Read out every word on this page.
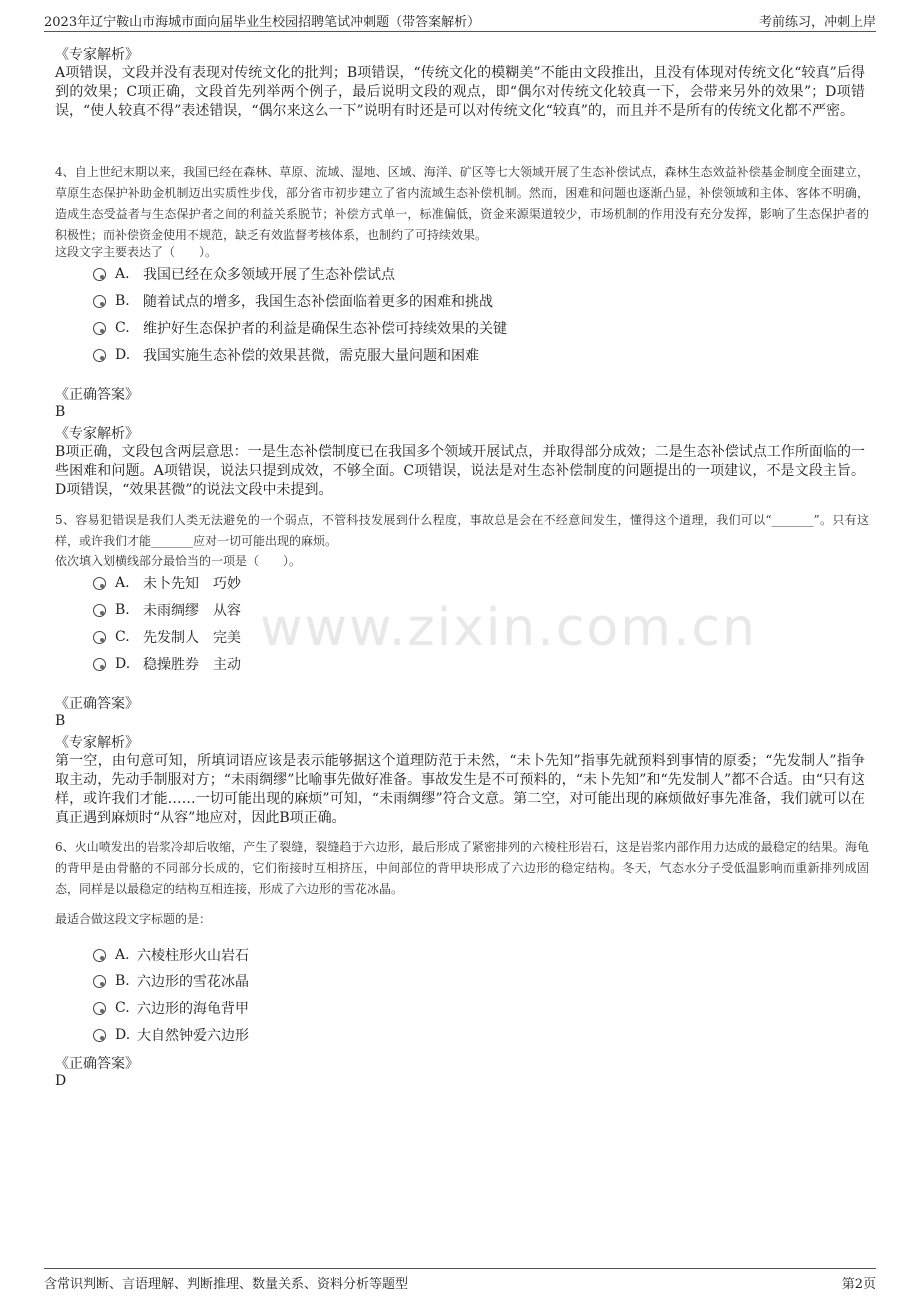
2023年辽宁鞍山市海城市面向届毕业生校园招聘笔试冲刺题（带答案解析）	考前练习，冲刺上岸
www.zixin.com.cn
《专家解析》
A项错误，文段并没有表现对传统文化的批判；B项错误，“传统文化的模糊美”不能由文段推出，且没有体现对传统文化“较真”后得到的效果；C项正确，文段首先列举两个例子，最后说明文段的观点，即“偶尔对传统文化较真一下，会带来另外的效果”；D项错误，“使人较真不得”表述错误，“偶尔来这么一下”说明有时还是可以对传统文化“较真”的，而且并不是所有的传统文化都不严密。
4、自上世纪末期以来，我国已经在森林、草原、流域、湿地、区域、海洋、矿区等七大领域开展了生态补偿试点，森林生态效益补偿基金制度全面建立，草原生态保护补助金机制迈出实质性步伐，部分省市初步建立了省内流域生态补偿机制。然而，困难和问题也逐渐凸显，补偿领域和主体、客体不明确，造成生态受益者与生态保护者之间的利益关系脱节；补偿方式单一，标准偏低，资金来源渠道较少，市场机制的作用没有充分发挥，影响了生态保护者的积极性；而补偿资金使用不规范，缺乏有效监督考核体系，也制约了可持续效果。
这段文字主要表达了（　　）。
A. 我国已经在众多领域开展了生态补偿试点
B. 随着试点的增多，我国生态补偿面临着更多的困难和挑战
C. 维护好生态保护者的利益是确保生态补偿可持续效果的关键
D. 我国实施生态补偿的效果甚微，需克服大量问题和困难
《正确答案》
B
《专家解析》
B项正确，文段包含两层意思：一是生态补偿制度已在我国多个领域开展试点，并取得部分成效；二是生态补偿试点工作所面临的一些困难和问题。A项错误，说法只提到成效，不够全面。C项错误，说法是对生态补偿制度的问题提出的一项建议，不是文段主旨。D项错误，“效果甚微”的说法文段中未提到。
5、容易犯错误是我们人类无法避免的一个弱点，不管科技发展到什么程度，事故总是会在不经意间发生，懂得这个道理，我们可以“_______”。只有这样，或许我们才能_______应对一切可能出现的麻烦。
依次填入划横线部分最恰当的一项是（　　）。
A. 未卜先知　巧妙
B. 未雨绸缪　从容
C. 先发制人　完美
D. 稳操胜券　主动
《正确答案》
B
《专家解析》
第一空，由句意可知，所填词语应该是表示能够据这个道理防范于未然，“未卜先知”指事先就预料到事情的原委；“先发制人”指争取主动，先动手制服对方；“未雨绸缪”比喻事先做好准备。事故发生是不可预料的，“未卜先知”和“先发制人”都不合适。由“只有这样，或许我们才能……一切可能出现的麻烦”可知，“未雨绸缪”符合文意。第二空，对可能出现的麻烦做好事先准备，我们就可以在真正遇到麻烦时“从容”地应对，因此B项正确。
6、火山喷发出的岩浆冷却后收缩，产生了裂缝，裂缝趋于六边形，最后形成了紧密排列的六棱柱形岩石，这是岩浆内部作用力达成的最稳定的结果。海龟的背甲是由骨骼的不同部分长成的，它们衔接时互相挤压，中间部位的背甲块形成了六边形的稳定结构。冬天，气态水分子受低温影响而重新排列成固态，同样是以最稳定的结构互相连接，形成了六边形的雪花冰晶。
最适合做这段文字标题的是：
A. 六棱柱形火山岩石
B. 六边形的雪花冰晶
C. 六边形的海龟背甲
D. 大自然钟爱六边形
《正确答案》
D
含常识判断、言语理解、判断推理、数量关系、资料分析等题型	第2页
